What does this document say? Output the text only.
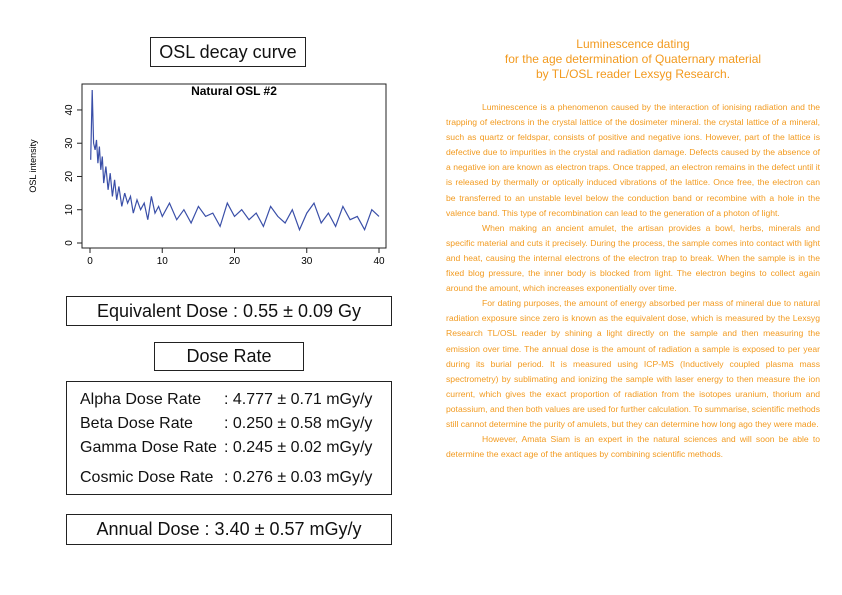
OSL decay curve
Natural OSL #2
OSL intensity
0	10	20	30	40
0
10
20
30
40
Equivalent Dose : 0.55 ± 0.09 Gy
Dose Rate
Alpha Dose Rate : 4.777 ± 0.71 mGy/y
Beta Dose Rate : 0.250 ± 0.58 mGy/y
Gamma Dose Rate : 0.245 ± 0.02 mGy/y
Cosmic Dose Rate : 0.276 ± 0.03 mGy/y
Annual Dose : 3.40 ± 0.57 mGy/y
Luminescence dating
for the age determination of Quaternary material
by TL/OSL reader Lexsyg Research.

Luminescence is a phenomenon caused by the interaction of ionising radiation and the trapping of electrons in the crystal lattice of the dosimeter mineral. the crystal lattice of a mineral, such as quartz or feldspar, consists of positive and negative ions. However, part of the lattice is defective due to impurities in the crystal and radiation damage. Defects caused by the absence of a negative ion are known as electron traps. Once trapped, an electron remains in the defect until it is released by thermally or optically induced vibrations of the lattice. Once free, the electron can be transferred to an unstable level below the conduction band or recombine with a hole in the valence band. This type of recombination can lead to the generation of a photon of light.

When making an ancient amulet, the artisan provides a bowl, herbs, minerals and specific material and cuts it precisely. During the process, the sample comes into contact with light and heat, causing the internal electrons of the electron trap to break. When the sample is in the fixed blog pressure, the inner body is blocked from light. The electron begins to collect again around the amount, which increases exponentially over time.

For dating purposes, the amount of energy absorbed per mass of mineral due to natural radiation exposure since zero is known as the equivalent dose, which is measured by the Lexsyg Research TL/OSL reader by shining a light directly on the sample and then measuring the emission over time. The annual dose is the amount of radiation a sample is exposed to per year during its burial period. It is measured using ICP-MS (Inductively coupled plasma mass spectrometry) by sublimating and ionizing the sample with laser energy to then measure the ion current, which gives the exact proportion of radiation from the isotopes uranium, thorium and potassium, and then both values are used for further calculation. To summarise, scientific methods still cannot determine the purity of amulets, but they can determine how long ago they were made.

However, Amata Siam is an expert in the natural sciences and will soon be able to determine the exact age of the antiques by combining scientific methods.
